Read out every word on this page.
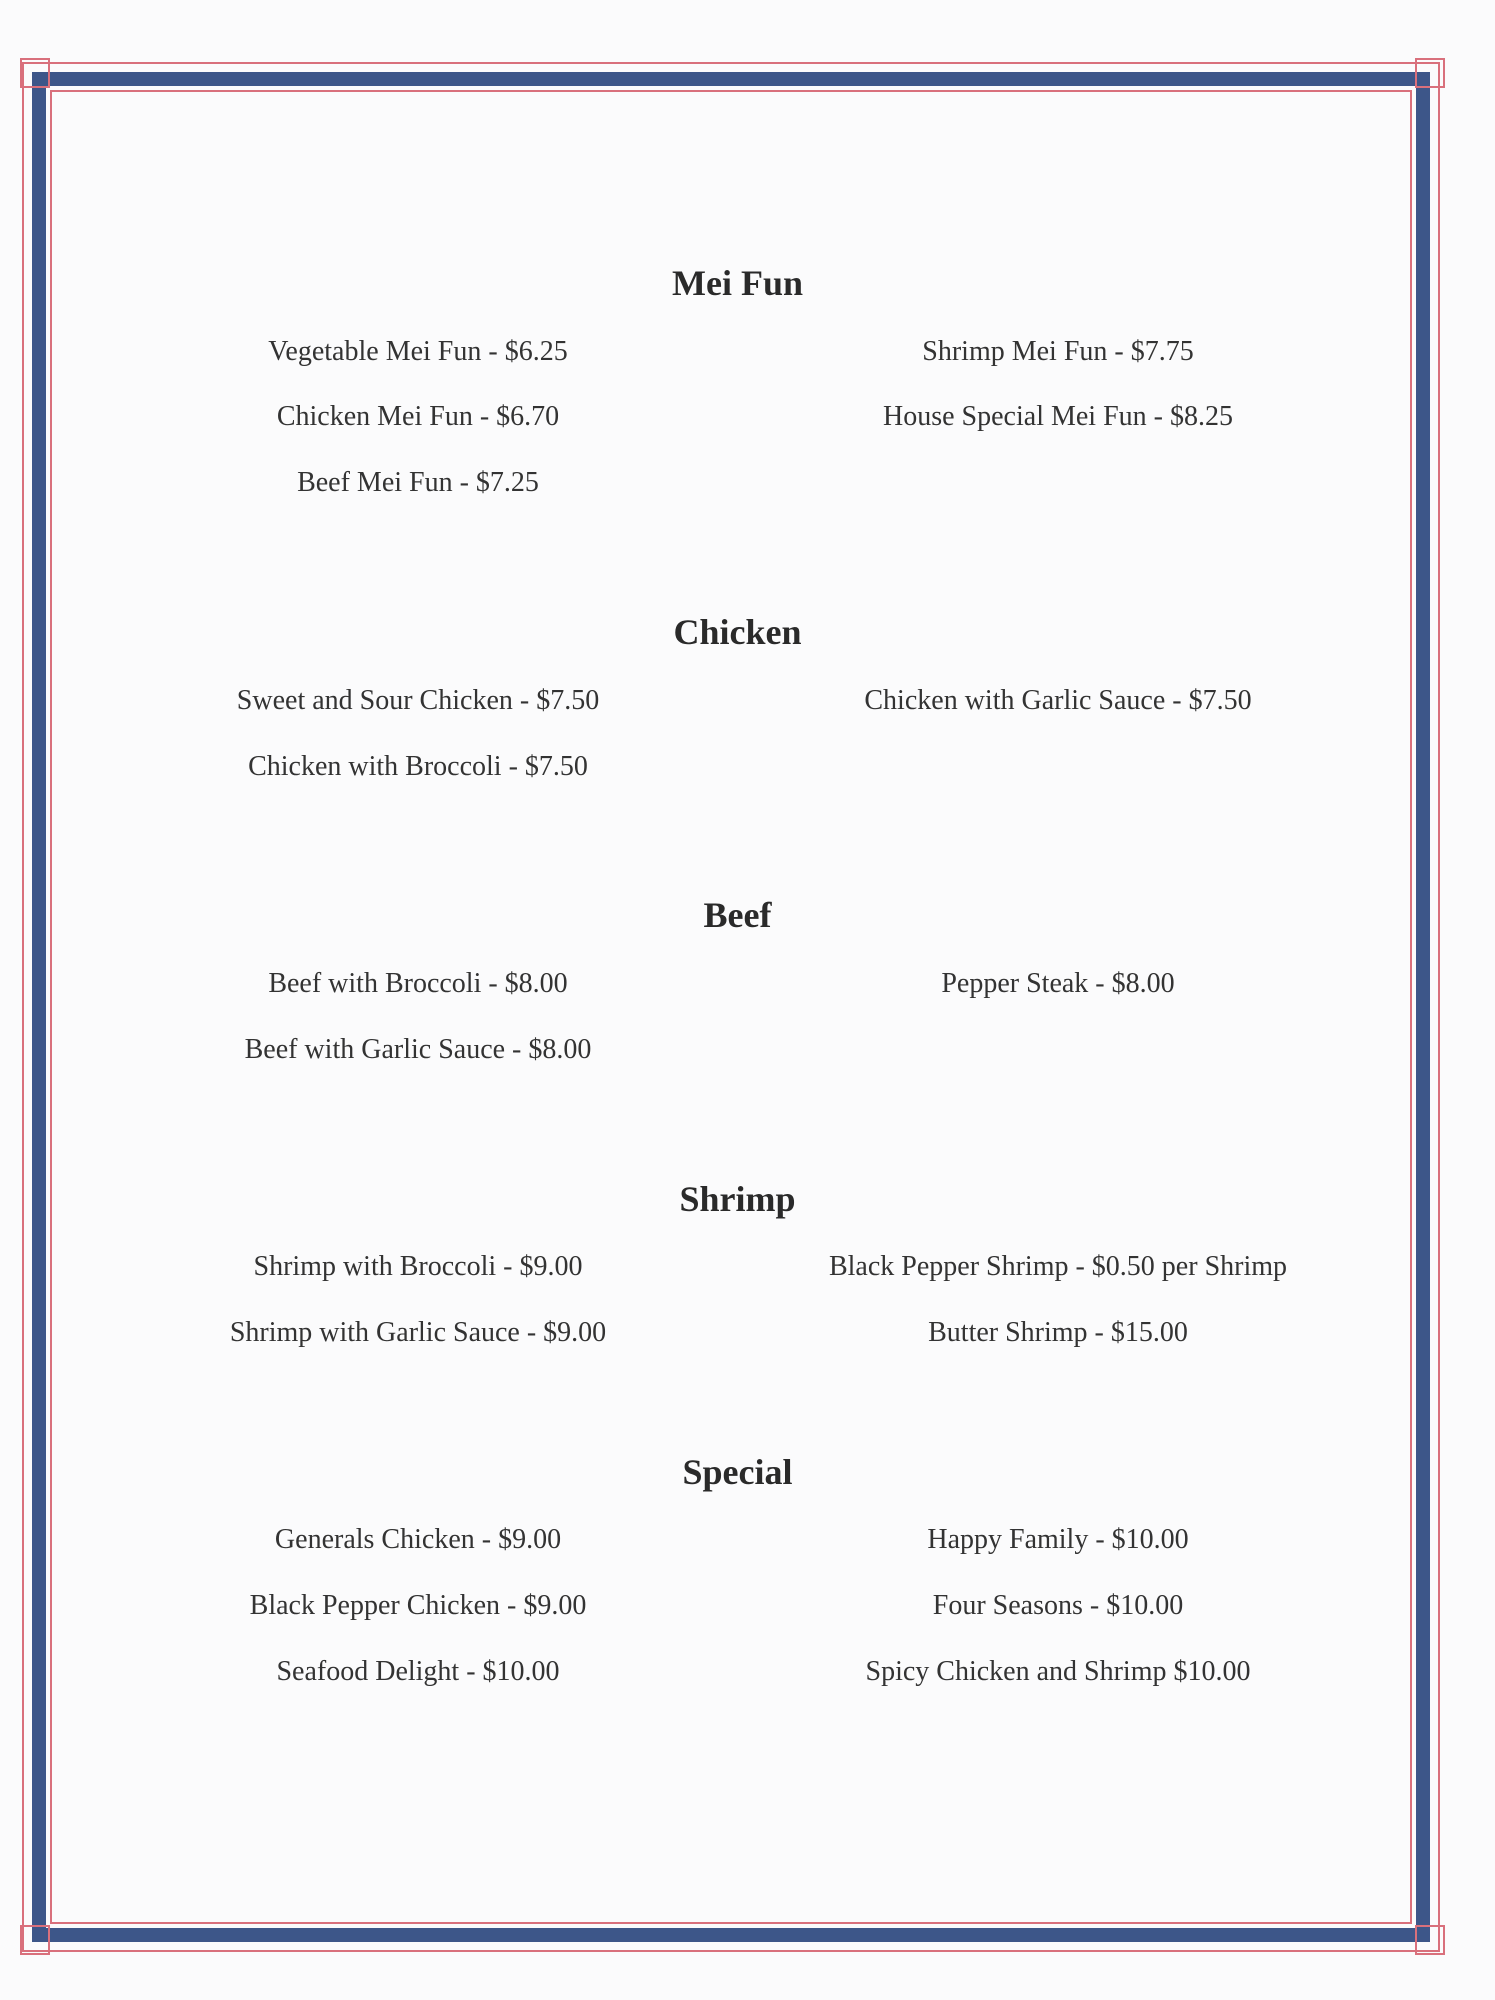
Mei Fun
Vegetable Mei Fun - $6.25
Chicken Mei Fun - $6.70
Beef Mei Fun - $7.25
Shrimp Mei Fun - $7.75
House Special Mei Fun - $8.25
Chicken
Sweet and Sour Chicken - $7.50
Chicken with Broccoli - $7.50
Chicken with Garlic Sauce - $7.50
Beef
Beef with Broccoli - $8.00
Beef with Garlic Sauce - $8.00
Pepper Steak - $8.00
Shrimp
Shrimp with Broccoli - $9.00
Shrimp with Garlic Sauce - $9.00
Black Pepper Shrimp - $0.50 per Shrimp
Butter Shrimp - $15.00
Special
Generals Chicken - $9.00
Black Pepper Chicken - $9.00
Seafood Delight - $10.00
Happy Family - $10.00
Four Seasons - $10.00
Spicy Chicken and Shrimp $10.00
